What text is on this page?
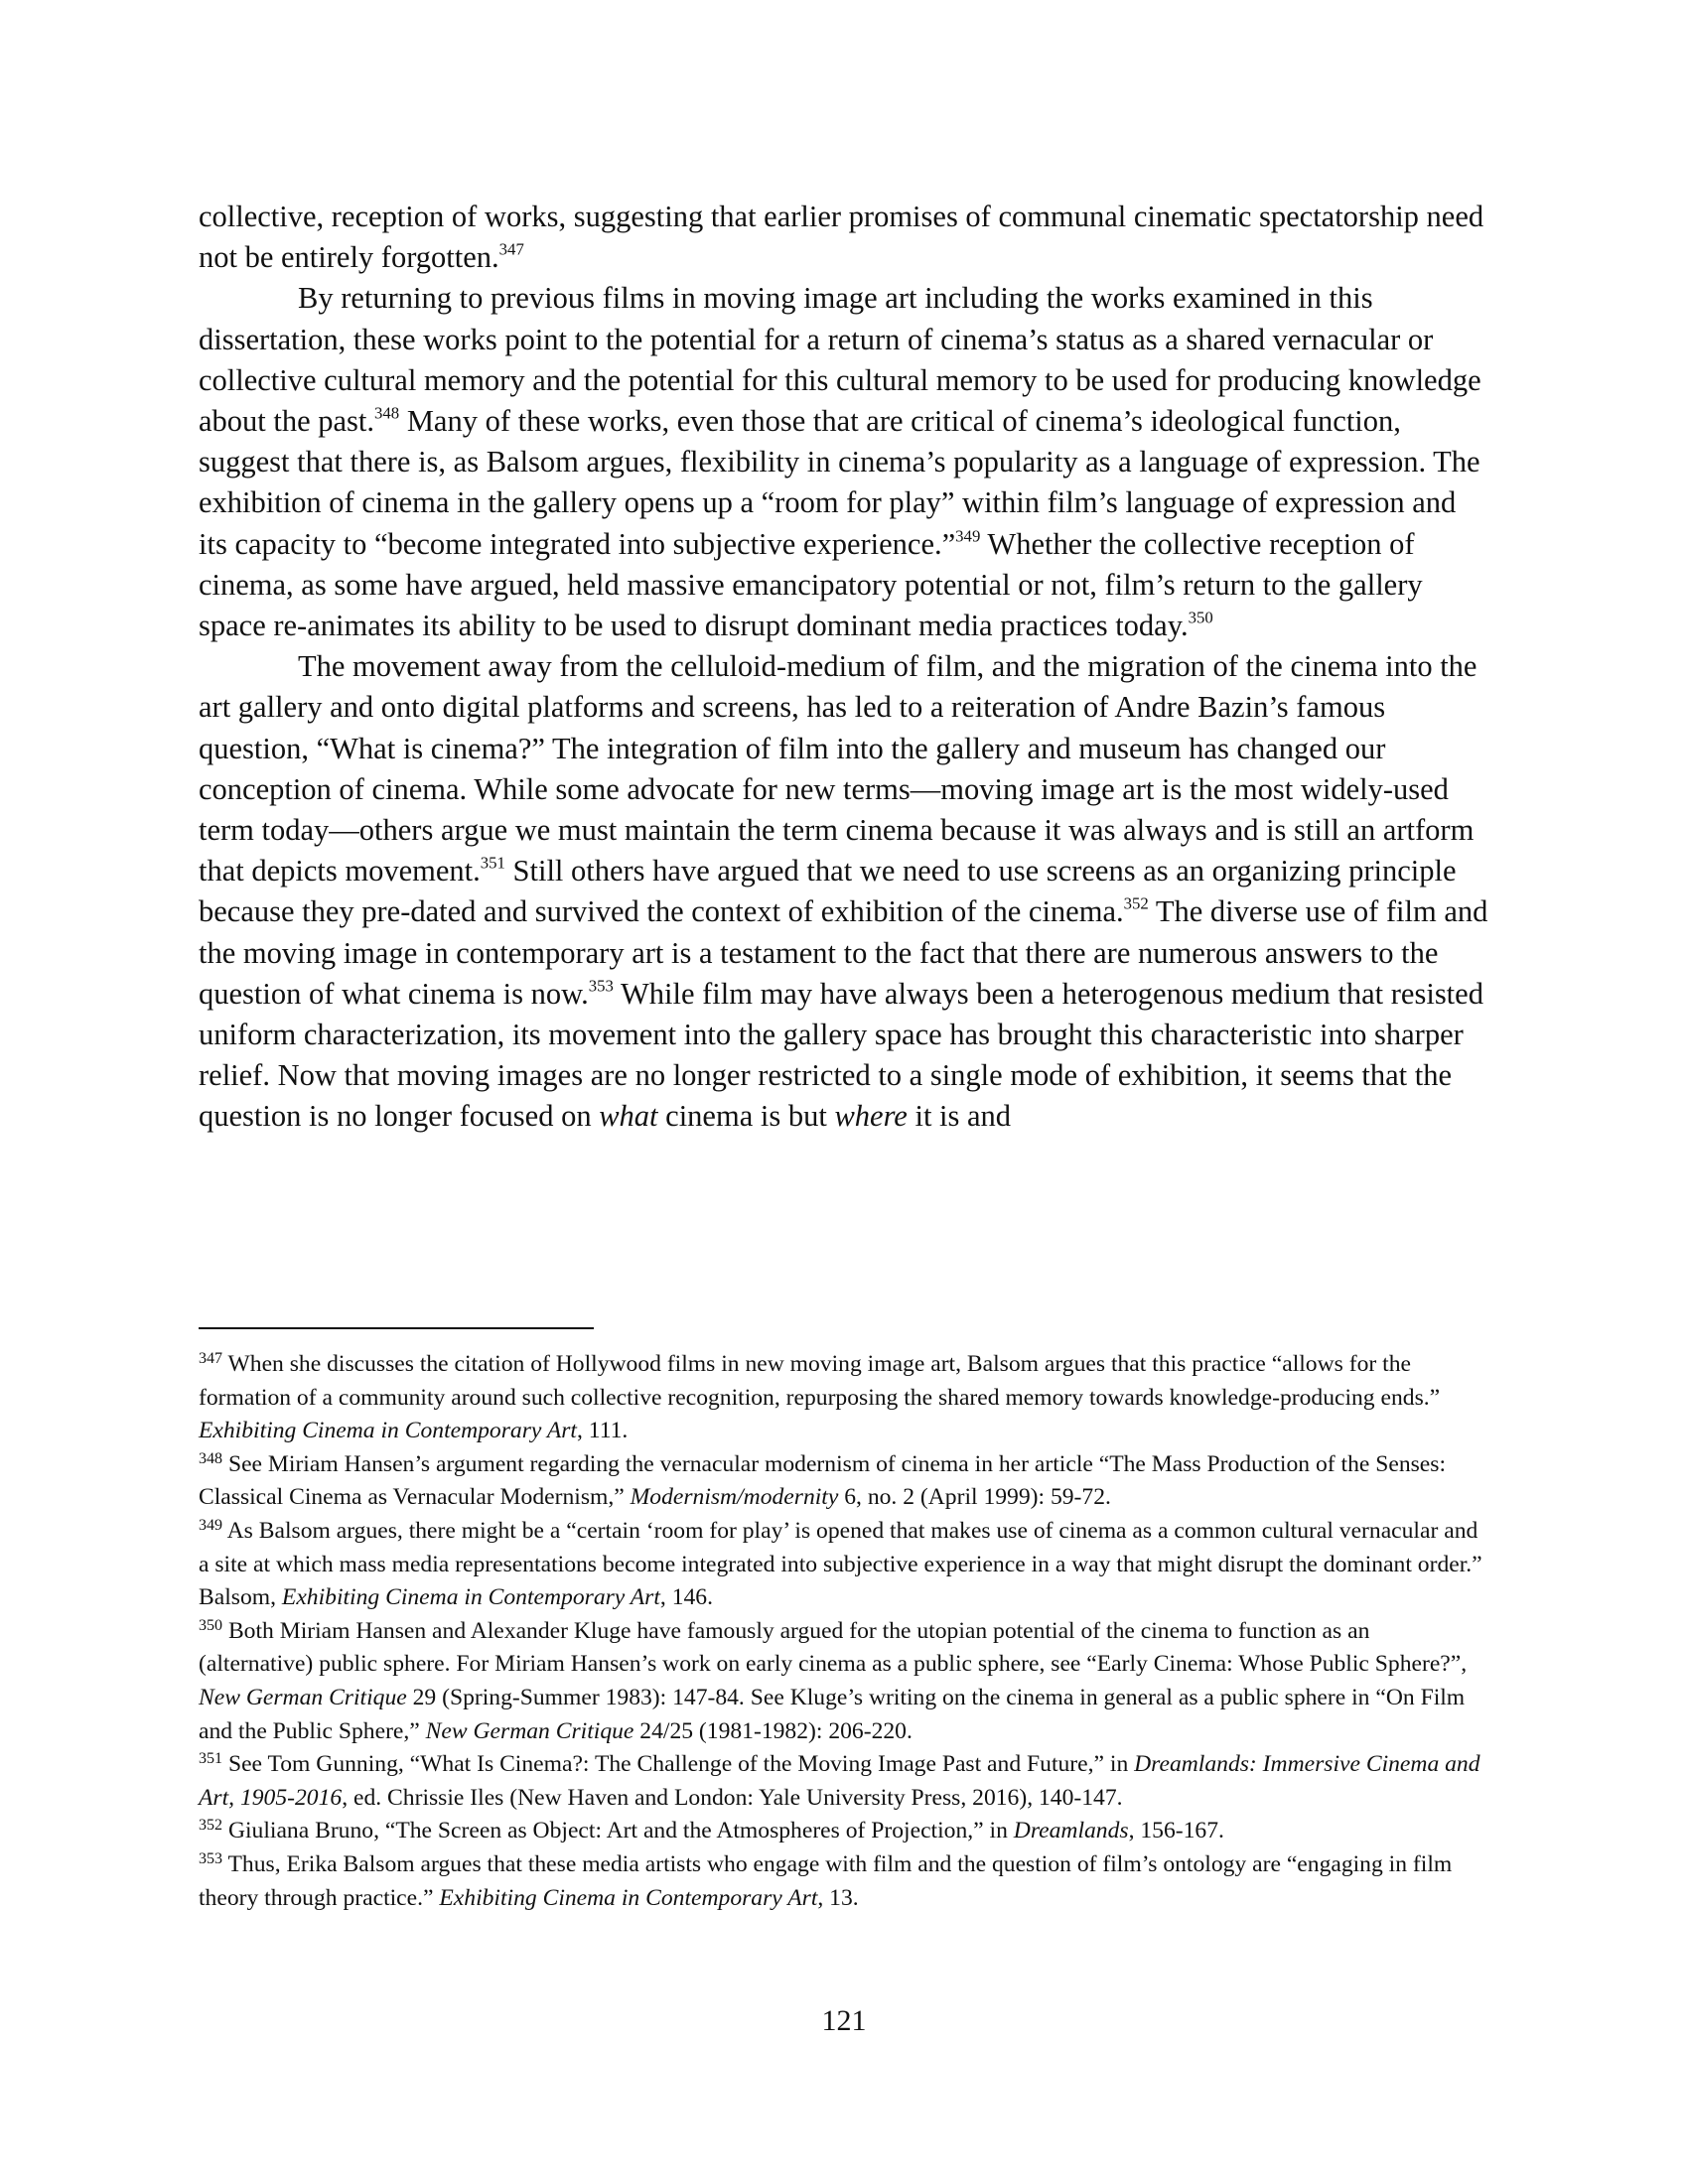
collective, reception of works, suggesting that earlier promises of communal cinematic spectatorship need not be entirely forgotten.$^{347}$

By returning to previous films in moving image art including the works examined in this dissertation, these works point to the potential for a return of cinema’s status as a shared vernacular or collective cultural memory and the potential for this cultural memory to be used for producing knowledge about the past.$^{348}$ Many of these works, even those that are critical of cinema’s ideological function, suggest that there is, as Balsom argues, flexibility in cinema’s popularity as a language of expression. The exhibition of cinema in the gallery opens up a “room for play” within film’s language of expression and its capacity to “become integrated into subjective experience.”$^{349}$ Whether the collective reception of cinema, as some have argued, held massive emancipatory potential or not, film’s return to the gallery space re-animates its ability to be used to disrupt dominant media practices today.$^{350}$

The movement away from the celluloid-medium of film, and the migration of the cinema into the art gallery and onto digital platforms and screens, has led to a reiteration of Andre Bazin’s famous question, “What is cinema?” The integration of film into the gallery and museum has changed our conception of cinema. While some advocate for new terms—moving image art is the most widely-used term today—others argue we must maintain the term cinema because it was always and is still an artform that depicts movement.$^{351}$ Still others have argued that we need to use screens as an organizing principle because they pre-dated and survived the context of exhibition of the cinema.$^{352}$ The diverse use of film and the moving image in contemporary art is a testament to the fact that there are numerous answers to the question of what cinema is now.$^{353}$ While film may have always been a heterogenous medium that resisted uniform characterization, its movement into the gallery space has brought this characteristic into sharper relief. Now that moving images are no longer restricted to a single mode of exhibition, it seems that the question is no longer focused on what cinema is but where it is and

$^{347}$ When she discusses the citation of Hollywood films in new moving image art, Balsom argues that this practice “allows for the formation of a community around such collective recognition, repurposing the shared memory towards knowledge-producing ends.” Exhibiting Cinema in Contemporary Art, 111.

$^{348}$ See Miriam Hansen’s argument regarding the vernacular modernism of cinema in her article “The Mass Production of the Senses: Classical Cinema as Vernacular Modernism,” Modernism/modernity 6, no. 2 (April 1999): 59-72.

$^{349}$ As Balsom argues, there might be a “certain ‘room for play’ is opened that makes use of cinema as a common cultural vernacular and a site at which mass media representations become integrated into subjective experience in a way that might disrupt the dominant order.” Balsom, Exhibiting Cinema in Contemporary Art, 146.

$^{350}$ Both Miriam Hansen and Alexander Kluge have famously argued for the utopian potential of the cinema to function as an (alternative) public sphere. For Miriam Hansen’s work on early cinema as a public sphere, see “Early Cinema: Whose Public Sphere?”, New German Critique 29 (Spring-Summer 1983): 147-84. See Kluge’s writing on the cinema in general as a public sphere in “On Film and the Public Sphere,” New German Critique 24/25 (1981-1982): 206-220.

$^{351}$ See Tom Gunning, “What Is Cinema?: The Challenge of the Moving Image Past and Future,” in Dreamlands: Immersive Cinema and Art, 1905-2016, ed. Chrissie Iles (New Haven and London: Yale University Press, 2016), 140-147.

$^{352}$ Giuliana Bruno, “The Screen as Object: Art and the Atmospheres of Projection,” in Dreamlands, 156-167.

$^{353}$ Thus, Erika Balsom argues that these media artists who engage with film and the question of film’s ontology are “engaging in film theory through practice.” Exhibiting Cinema in Contemporary Art, 13.

121
